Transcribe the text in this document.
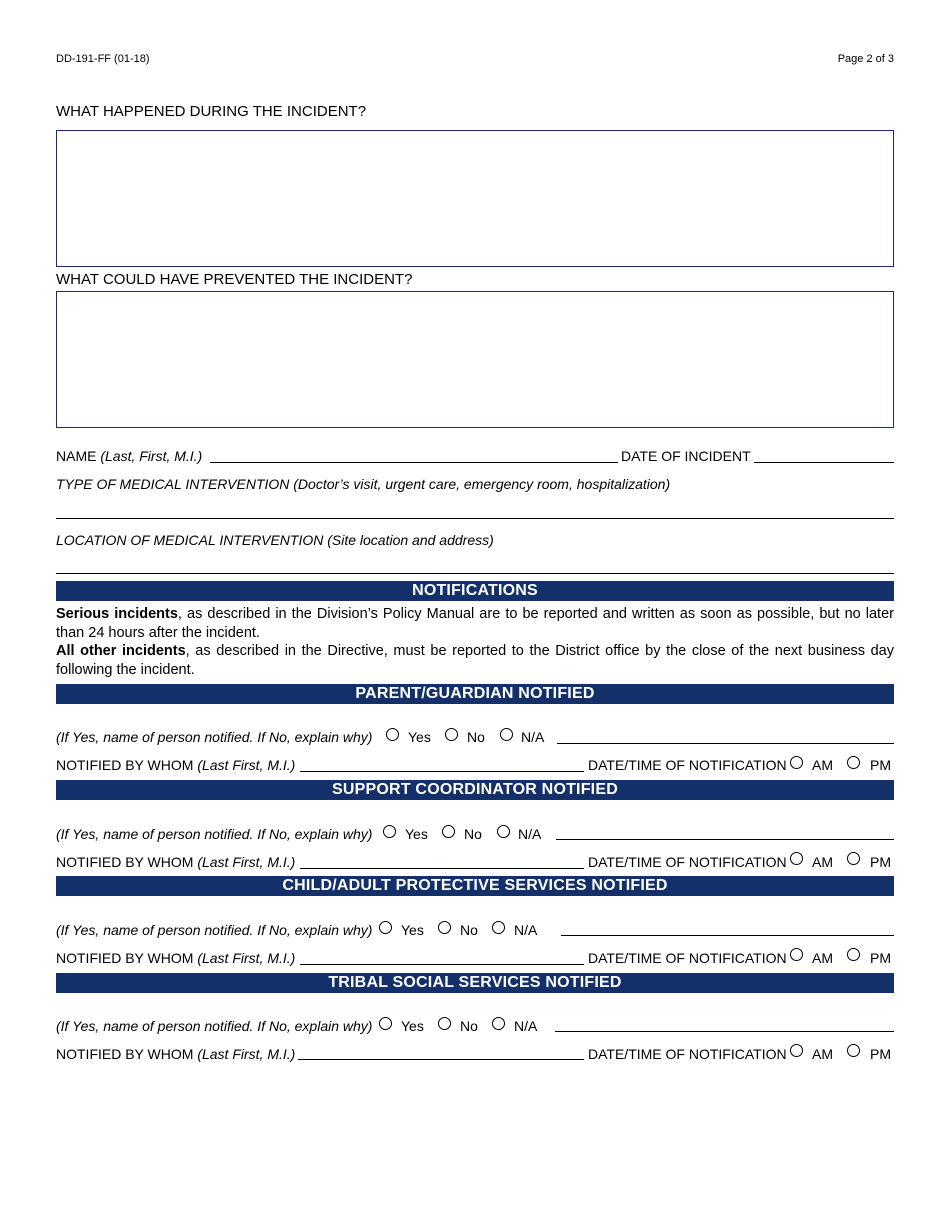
DD-191-FF (01-18)	Page 2 of 3
WHAT HAPPENED DURING THE INCIDENT?
WHAT COULD HAVE PREVENTED THE INCIDENT?
NAME (Last, First, M.I.)	DATE OF INCIDENT
TYPE OF MEDICAL INTERVENTION (Doctor’s visit, urgent care, emergency room, hospitalization)
LOCATION OF MEDICAL INTERVENTION (Site location and address)
NOTIFICATIONS
Serious incidents, as described in the Division’s Policy Manual are to be reported and written as soon as possible, but no later than 24 hours after the incident.
All other incidents, as described in the Directive, must be reported to the District office by the close of the next business day following the incident.
PARENT/GUARDIAN NOTIFIED
(If Yes, name of person notified. If No, explain why)	Yes	No	N/A
NOTIFIED BY WHOM (Last First, M.I.)	DATE/TIME OF NOTIFICATION AM	PM
SUPPORT COORDINATOR NOTIFIED
(If Yes, name of person notified. If No, explain why) Yes	No	N/A
NOTIFIED BY WHOM (Last First, M.I.)	DATE/TIME OF NOTIFICATION AM	PM
CHILD/ADULT PROTECTIVE SERVICES NOTIFIED
(If Yes, name of person notified. If No, explain why) Yes	No	N/A
NOTIFIED BY WHOM (Last First, M.I.)	DATE/TIME OF NOTIFICATION AM	PM
TRIBAL SOCIAL SERVICES NOTIFIED
(If Yes, name of person notified. If No, explain why) Yes	No	N/A
NOTIFIED BY WHOM (Last First, M.I.)	DATE/TIME OF NOTIFICATION AM	PM
